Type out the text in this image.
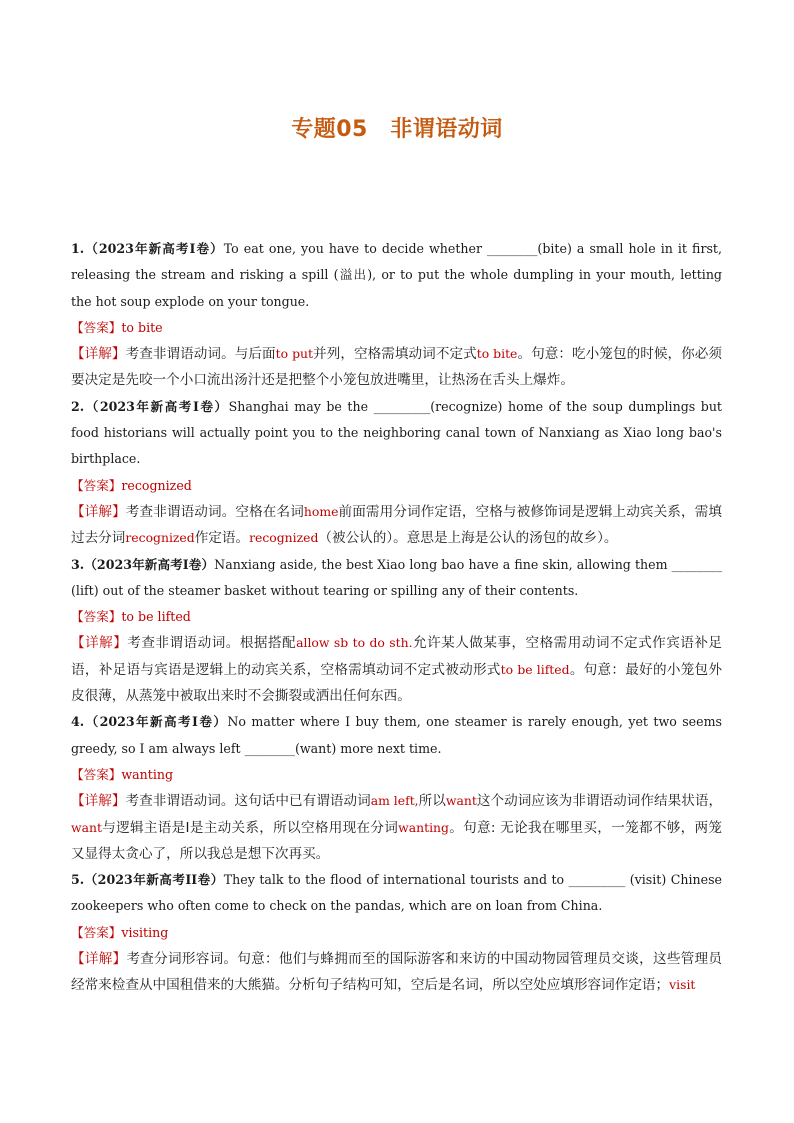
专题05　非谓语动词

1.（2023年新高考I卷）To eat one, you have to decide whether ________(bite) a small hole in it first, releasing the stream and risking a spill (溢出), or to put the whole dumpling in your mouth, letting the hot soup explode on your tongue.

【答案】to bite

【详解】考查非谓语动词。与后面to put并列，空格需填动词不定式to bite。句意：吃小笼包的时候，你必须要决定是先咬一个小口流出汤汁还是把整个小笼包放进嘴里，让热汤在舌头上爆炸。

2.（2023年新高考I卷）Shanghai may be the _________(recognize) home of the soup dumplings but food historians will actually point you to the neighboring canal town of Nanxiang as Xiao long bao's birthplace.

【答案】recognized

【详解】考查非谓语动词。空格在名词home前面需用分词作定语，空格与被修饰词是逻辑上动宾关系，需填过去分词recognized作定语。recognized（被公认的）。意思是上海是公认的汤包的故乡）。

3.（2023年新高考I卷）Nanxiang aside, the best Xiao long bao have a fine skin, allowing them ________ (lift) out of the steamer basket without tearing or spilling any of their contents.

【答案】to be lifted

【详解】考查非谓语动词。根据搭配allow sb to do sth.允许某人做某事，空格需用动词不定式作宾语补足语，补足语与宾语是逻辑上的动宾关系，空格需填动词不定式被动形式to be lifted。句意：最好的小笼包外皮很薄，从蒸笼中被取出来时不会撕裂或洒出任何东西。

4.（2023年新高考I卷）No matter where I buy them, one steamer is rarely enough, yet two seems greedy, so I am always left ________(want) more next time.

【答案】wanting

【详解】考查非谓语动词。这句话中已有谓语动词am left,所以want这个动词应该为非谓语动词作结果状语，want与逻辑主语是I是主动关系，所以空格用现在分词wanting。句意: 无论我在哪里买，一笼都不够，两笼又显得太贪心了，所以我总是想下次再买。

5.（2023年新高考II卷）They talk to the flood of international tourists and to _________ (visit) Chinese zookeepers who often come to check on the pandas, which are on loan from China.

【答案】visiting

【详解】考查分词形容词。句意：他们与蜂拥而至的国际游客和来访的中国动物园管理员交谈，这些管理员经常来检查从中国租借来的大熊猫。分析句子结构可知，空后是名词，所以空处应填形容词作定语；visit
